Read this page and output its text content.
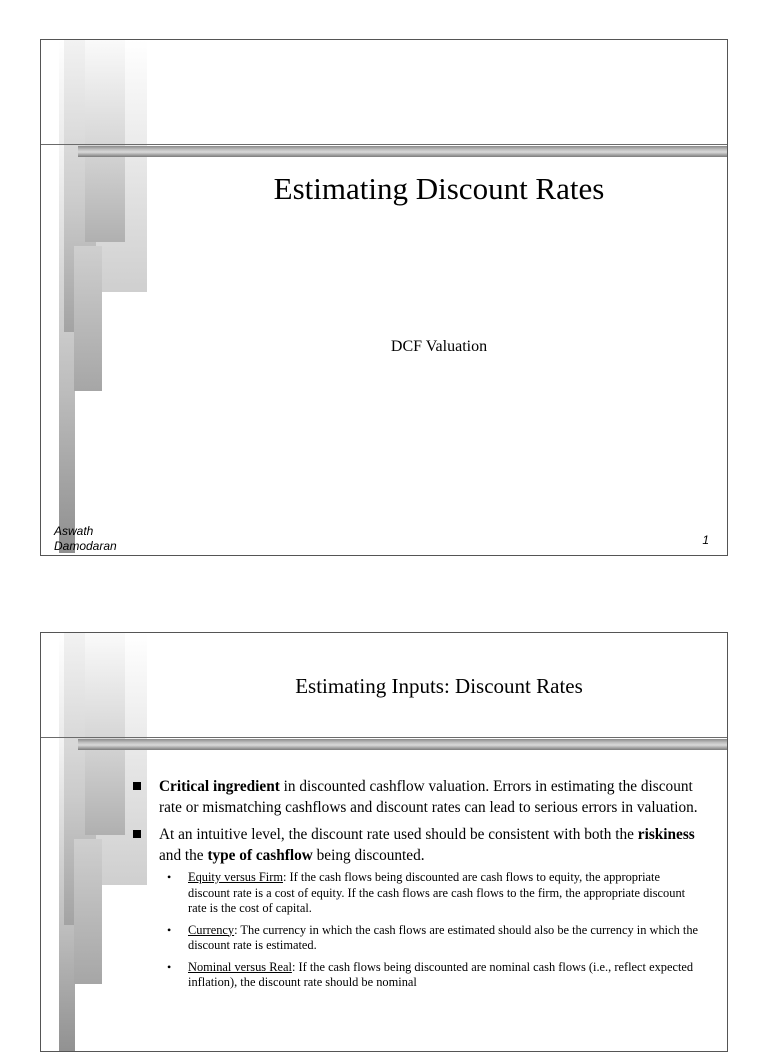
Estimating Discount Rates
DCF Valuation
Aswath Damodaran	1
Estimating Inputs: Discount Rates
Critical ingredient in discounted cashflow valuation. Errors in estimating the discount rate or mismatching cashflows and discount rates can lead to serious errors in valuation.
At an intuitive level, the discount rate used should be consistent with both the riskiness and the type of cashflow being discounted.
• Equity versus Firm: If the cash flows being discounted are cash flows to equity, the appropriate discount rate is a cost of equity. If the cash flows are cash flows to the firm, the appropriate discount rate is the cost of capital.
• Currency: The currency in which the cash flows are estimated should also be the currency in which the discount rate is estimated.
• Nominal versus Real: If the cash flows being discounted are nominal cash flows (i.e., reflect expected inflation), the discount rate should be nominal
